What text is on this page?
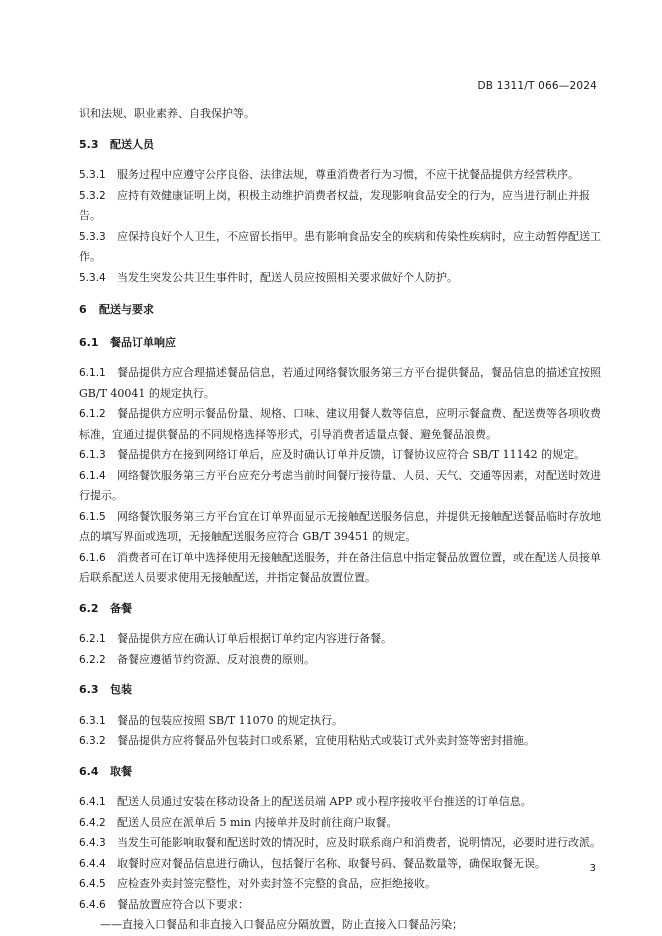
DB 1311/T 066—2024

识和法规、职业素养、自我保护等。

5.3 配送人员

5.3.1 服务过程中应遵守公序良俗、法律法规，尊重消费者行为习惯，不应干扰餐品提供方经营秩序。

5.3.2 应持有效健康证明上岗，积极主动维护消费者权益，发现影响食品安全的行为，应当进行制止并报告。

5.3.3 应保持良好个人卫生，不应留长指甲。患有影响食品安全的疾病和传染性疾病时，应主动暂停配送工作。

5.3.4 当发生突发公共卫生事件时，配送人员应按照相关要求做好个人防护。

6 配送与要求

6.1 餐品订单响应

6.1.1 餐品提供方应合理描述餐品信息，若通过网络餐饮服务第三方平台提供餐品，餐品信息的描述宜按照 GB/T 40041 的规定执行。

6.1.2 餐品提供方应明示餐品份量、规格、口味、建议用餐人数等信息，应明示餐盒费、配送费等各项收费标准，宜通过提供餐品的不同规格选择等形式，引导消费者适量点餐、避免餐品浪费。

6.1.3 餐品提供方在接到网络订单后，应及时确认订单并反馈，订餐协议应符合 SB/T 11142 的规定。

6.1.4 网络餐饮服务第三方平台应充分考虑当前时间餐厅接待量、人员、天气、交通等因素，对配送时效进行提示。

6.1.5 网络餐饮服务第三方平台宜在订单界面显示无接触配送服务信息，并提供无接触配送餐品临时存放地点的填写界面或选项，无接触配送服务应符合 GB/T 39451 的规定。

6.1.6 消费者可在订单中选择使用无接触配送服务，并在备注信息中指定餐品放置位置，或在配送人员接单后联系配送人员要求使用无接触配送，并指定餐品放置位置。

6.2 备餐

6.2.1 餐品提供方应在确认订单后根据订单约定内容进行备餐。

6.2.2 备餐应遵循节约资源、反对浪费的原则。

6.3 包装

6.3.1 餐品的包装应按照 SB/T 11070 的规定执行。

6.3.2 餐品提供方应将餐品外包装封口或系紧，宜使用粘贴式或装订式外卖封签等密封措施。

6.4 取餐

6.4.1 配送人员通过安装在移动设备上的配送员端 APP 或小程序接收平台推送的订单信息。

6.4.2 配送人员应在派单后 5 min 内接单并及时前往商户取餐。

6.4.3 当发生可能影响取餐和配送时效的情况时，应及时联系商户和消费者，说明情况，必要时进行改派。

6.4.4 取餐时应对餐品信息进行确认，包括餐厅名称、取餐号码、餐品数量等，确保取餐无误。

6.4.5 应检查外卖封签完整性，对外卖封签不完整的食品，应拒绝接收。

6.4.6 餐品放置应符合以下要求：

——直接入口餐品和非直接入口餐品应分隔放置，防止直接入口餐品污染；

3
